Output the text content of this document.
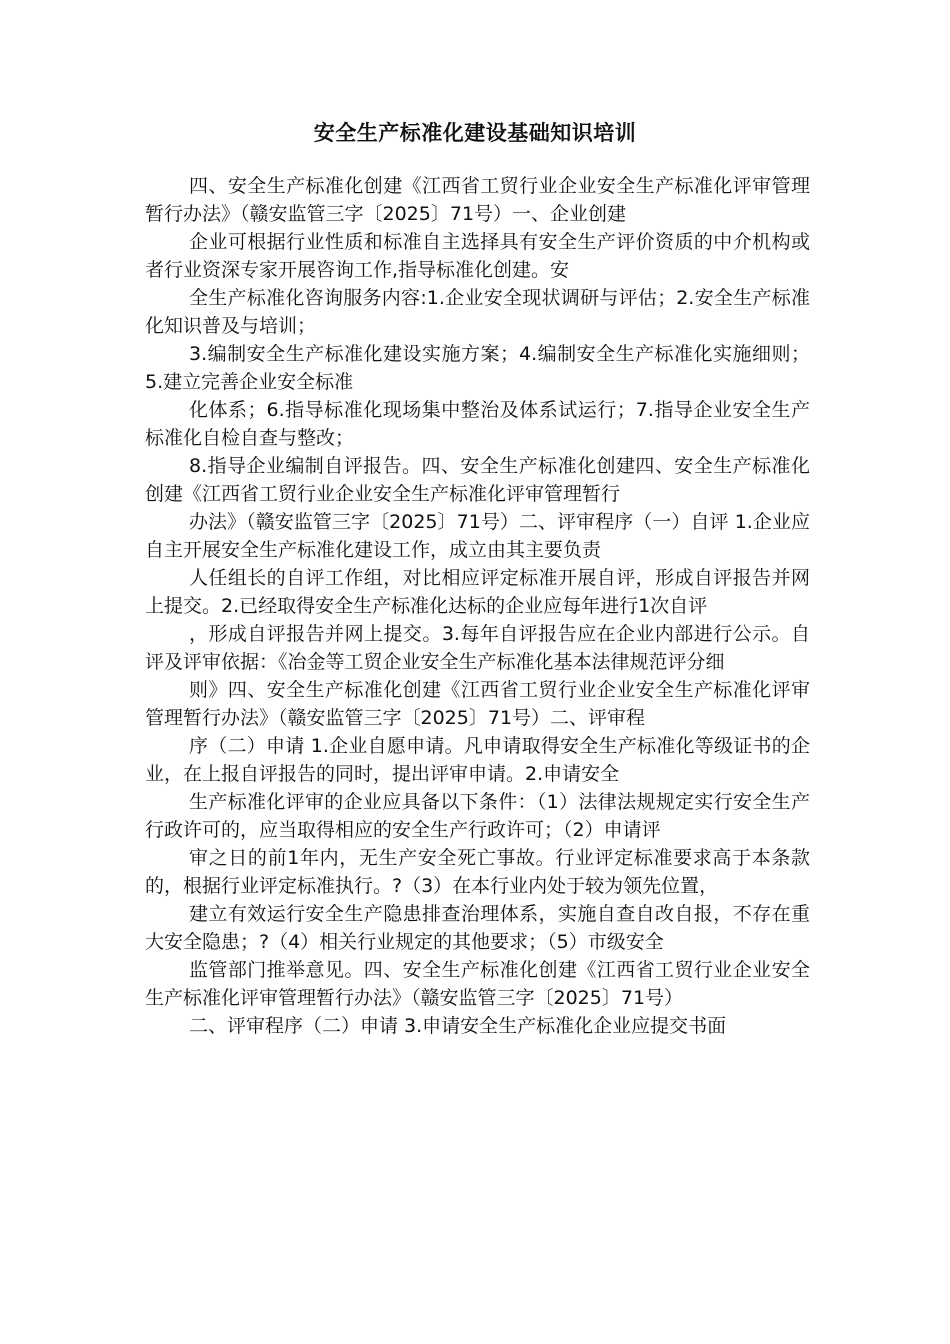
安全生产标准化建设基础知识培训

四、安全生产标准化创建《江西省工贸行业企业安全生产标准化评审管理暂行办法》（赣安监管三字〔2025〕71号）一、企业创建

企业可根据行业性质和标准自主选择具有安全生产评价资质的中介机构或者行业资深专家开展咨询工作,指导标准化创建。安

全生产标准化咨询服务内容:1.企业安全现状调研与评估；2.安全生产标准化知识普及与培训；

3.编制安全生产标准化建设实施方案；4.编制安全生产标准化实施细则；5.建立完善企业安全标准

化体系；6.指导标准化现场集中整治及体系试运行；7.指导企业安全生产标准化自检自查与整改；

8.指导企业编制自评报告。四、安全生产标准化创建四、安全生产标准化创建《江西省工贸行业企业安全生产标准化评审管理暂行

办法》（赣安监管三字〔2025〕71号）二、评审程序（一）自评 1.企业应自主开展安全生产标准化建设工作，成立由其主要负责

人任组长的自评工作组，对比相应评定标准开展自评，形成自评报告并网上提交。2.已经取得安全生产标准化达标的企业应每年进行1次自评

，形成自评报告并网上提交。3.每年自评报告应在企业内部进行公示。自评及评审依据：《冶金等工贸企业安全生产标准化基本法律规范评分细

则》四、安全生产标准化创建《江西省工贸行业企业安全生产标准化评审管理暂行办法》（赣安监管三字〔2025〕71号）二、评审程

序（二）申请 1.企业自愿申请。凡申请取得安全生产标准化等级证书的企业，在上报自评报告的同时，提出评审申请。2.申请安全

生产标准化评审的企业应具备以下条件：（1）法律法规规定实行安全生产行政许可的，应当取得相应的安全生产行政许可；（2）申请评

审之日的前1年内，无生产安全死亡事故。行业评定标准要求高于本条款的，根据行业评定标准执行。?（3）在本行业内处于较为领先位置，

建立有效运行安全生产隐患排查治理体系，实施自查自改自报，不存在重大安全隐患；?（4）相关行业规定的其他要求；（5）市级安全

监管部门推举意见。四、安全生产标准化创建《江西省工贸行业企业安全生产标准化评审管理暂行办法》（赣安监管三字〔2025〕71号）

二、评审程序（二）申请 3.申请安全生产标准化企业应提交书面
